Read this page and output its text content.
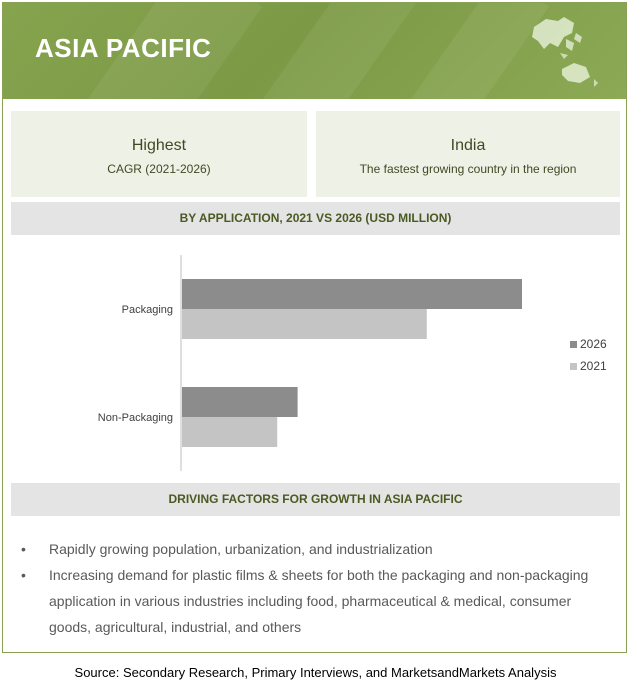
ASIA PACIFIC
Highest
CAGR (2021-2026)
India
The fastest growing country in the region
BY APPLICATION, 2021 VS 2026 (USD MILLION)
Packaging
Non-Packaging
2026
2021
DRIVING FACTORS FOR GROWTH IN ASIA PACIFIC
• Rapidly growing population, urbanization, and industrialization
• Increasing demand for plastic films & sheets for both the packaging and non-packaging application in various industries including food, pharmaceutical & medical, consumer goods, agricultural, industrial, and others
Source: Secondary Research, Primary Interviews, and MarketsandMarkets Analysis
